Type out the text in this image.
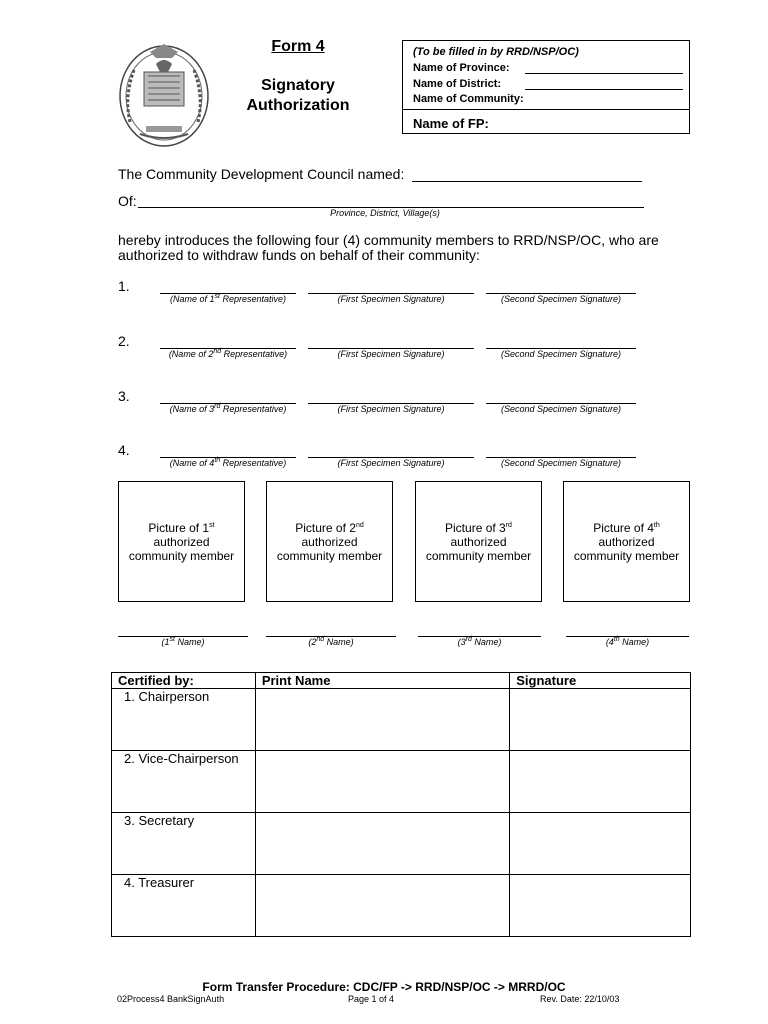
Form 4
Signatory
Authorization
(To be filled in by RRD/NSP/OC)
Name of Province:
Name of District:
Name of Community:
Name of FP:
The Community Development Council named:
Of:
Province, District, Village(s)
hereby introduces the following four (4) community members to RRD/NSP/OC, who are
authorized to withdraw funds on behalf of their community:
1.
(Name of 1st Representative)	(First Specimen Signature)	(Second Specimen Signature)
2.
(Name of 2nd Representative)	(First Specimen Signature)	(Second Specimen Signature)
3.
(Name of 3rd Representative)	(First Specimen Signature)	(Second Specimen Signature)
4.
(Name of 4th Representative)	(First Specimen Signature)	(Second Specimen Signature)
Picture of 1st
authorized
community member
Picture of 2nd
authorized
community member
Picture of 3rd
authorized
community member
Picture of 4th
authorized
community member
(1st Name)	(2nd Name)	(3rd Name)	(4th Name)
Certified by:	Print Name	Signature
1. Chairperson		
2. Vice-Chairperson		
3. Secretary		
4. Treasurer		
Form Transfer Procedure: CDC/FP -> RRD/NSP/OC -> MRRD/OC
02Process4 BankSignAuth	Page 1 of 4	Rev. Date: 22/10/03
